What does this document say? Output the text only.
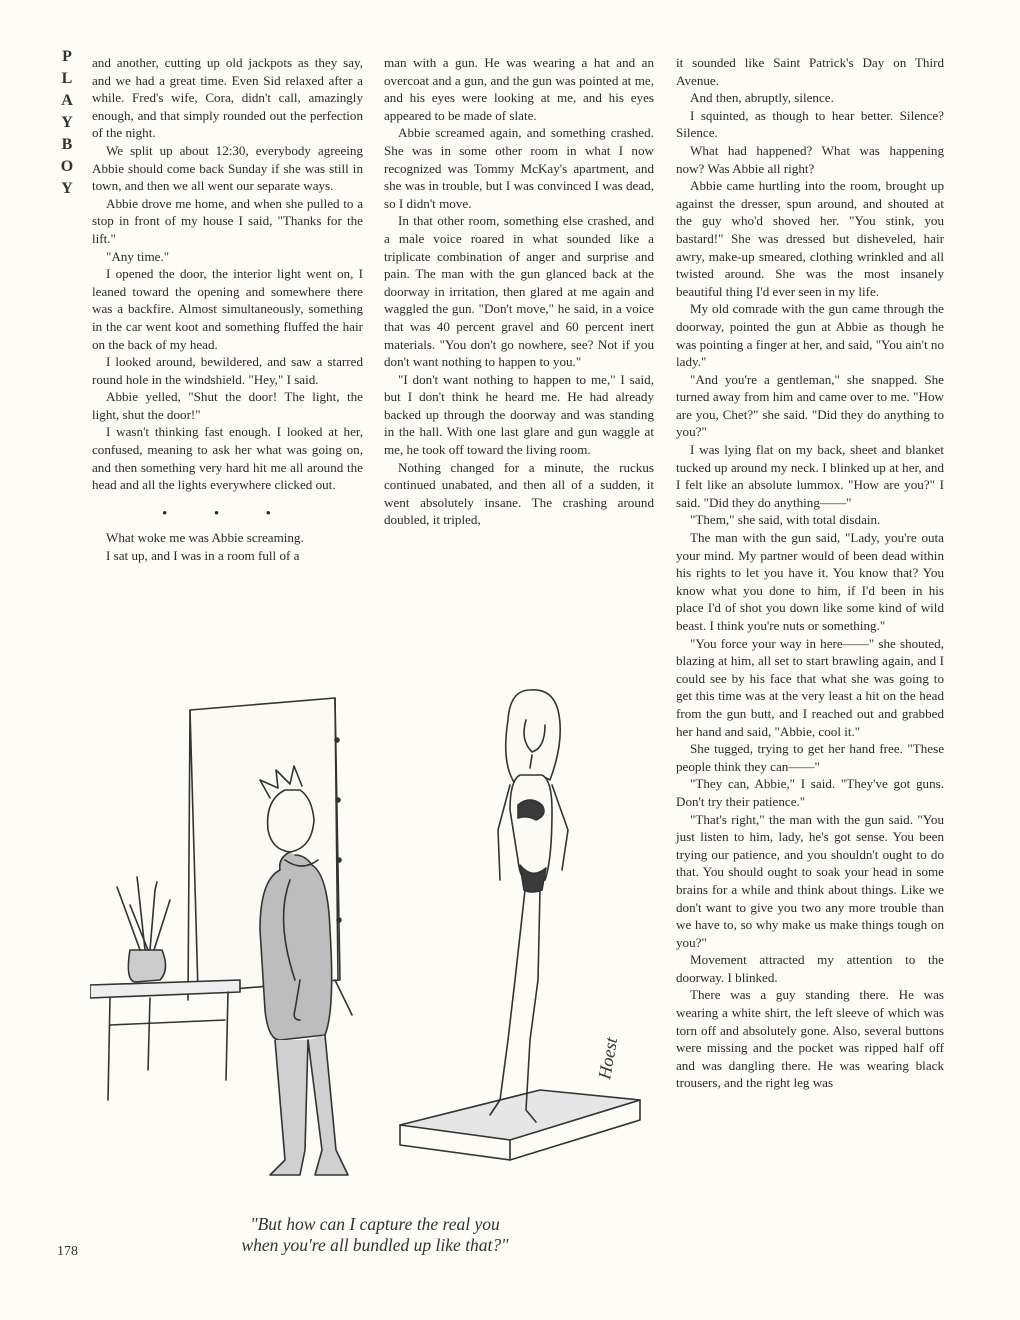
P
L
A
Y
B
O
Y

and another, cutting up old jackpots as they say, and we had a great time. Even Sid relaxed after a while. Fred's wife, Cora, didn't call, amazingly enough, and that simply rounded out the perfection of the night.

We split up about 12:30, everybody agreeing Abbie should come back Sunday if she was still in town, and then we all went our separate ways.

Abbie drove me home, and when she pulled to a stop in front of my house I said, "Thanks for the lift."

"Any time."

I opened the door, the interior light went on, I leaned toward the opening and somewhere there was a backfire. Almost simultaneously, something in the car went koot and something fluffed the hair on the back of my head.

I looked around, bewildered, and saw a starred round hole in the windshield. "Hey," I said.

Abbie yelled, "Shut the door! The light, the light, shut the door!"

I wasn't thinking fast enough. I looked at her, confused, meaning to ask her what was going on, and then something very hard hit me all around the head and all the lights everywhere clicked out.

• • •

What woke me was Abbie screaming.

I sat up, and I was in a room full of a

man with a gun. He was wearing a hat and an overcoat and a gun, and the gun was pointed at me, and his eyes were looking at me, and his eyes appeared to be made of slate.

Abbie screamed again, and something crashed. She was in some other room in what I now recognized was Tommy McKay's apartment, and she was in trouble, but I was convinced I was dead, so I didn't move.

In that other room, something else crashed, and a male voice roared in what sounded like a triplicate combination of anger and surprise and pain. The man with the gun glanced back at the doorway in irritation, then glared at me again and waggled the gun. "Don't move," he said, in a voice that was 40 percent gravel and 60 percent inert materials. "You don't go nowhere, see? Not if you don't want nothing to happen to you."

"I don't want nothing to happen to me," I said, but I don't think he heard me. He had already backed up through the doorway and was standing in the hall. With one last glare and gun waggle at me, he took off toward the living room.

Nothing changed for a minute, the ruckus continued unabated, and then all of a sudden, it went absolutely insane. The crashing around doubled, it tripled,

it sounded like Saint Patrick's Day on Third Avenue.

And then, abruptly, silence.

I squinted, as though to hear better. Silence? Silence.

What had happened? What was happening now? Was Abbie all right?

Abbie came hurtling into the room, brought up against the dresser, spun around, and shouted at the guy who'd shoved her. "You stink, you bastard!" She was dressed but disheveled, hair awry, make-up smeared, clothing wrinkled and all twisted around. She was the most insanely beautiful thing I'd ever seen in my life.

My old comrade with the gun came through the doorway, pointed the gun at Abbie as though he was pointing a finger at her, and said, "You ain't no lady."

"And you're a gentleman," she snapped. She turned away from him and came over to me. "How are you, Chet?" she said. "Did they do anything to you?"

I was lying flat on my back, sheet and blanket tucked up around my neck. I blinked up at her, and I felt like an absolute lummox. "How are you?" I said. "Did they do anything——"

"Them," she said, with total disdain.

The man with the gun said, "Lady, you're outa your mind. My partner would of been dead within his rights to let you have it. You know that? You know what you done to him, if I'd been in his place I'd of shot you down like some kind of wild beast. I think you're nuts or something."

"You force your way in here——" she shouted, blazing at him, all set to start brawling again, and I could see by his face that what she was going to get this time was at the very least a hit on the head from the gun butt, and I reached out and grabbed her hand and said, "Abbie, cool it."

She tugged, trying to get her hand free. "These people think they can——"

"They can, Abbie," I said. "They've got guns. Don't try their patience."

"That's right," the man with the gun said. "You just listen to him, lady, he's got sense. You been trying our patience, and you shouldn't ought to do that. You should ought to soak your head in some brains for a while and think about things. Like we don't want to give you two any more trouble than we have to, so why make us make things tough on you?"

Movement attracted my attention to the doorway. I blinked.

There was a guy standing there. He was wearing a white shirt, the left sleeve of which was torn off and absolutely gone. Also, several buttons were missing and the pocket was ripped half off and was dangling there. He was wearing black trousers, and the right leg was

Hoest
"But how can I capture the real you
when you're all bundled up like that?"
178
